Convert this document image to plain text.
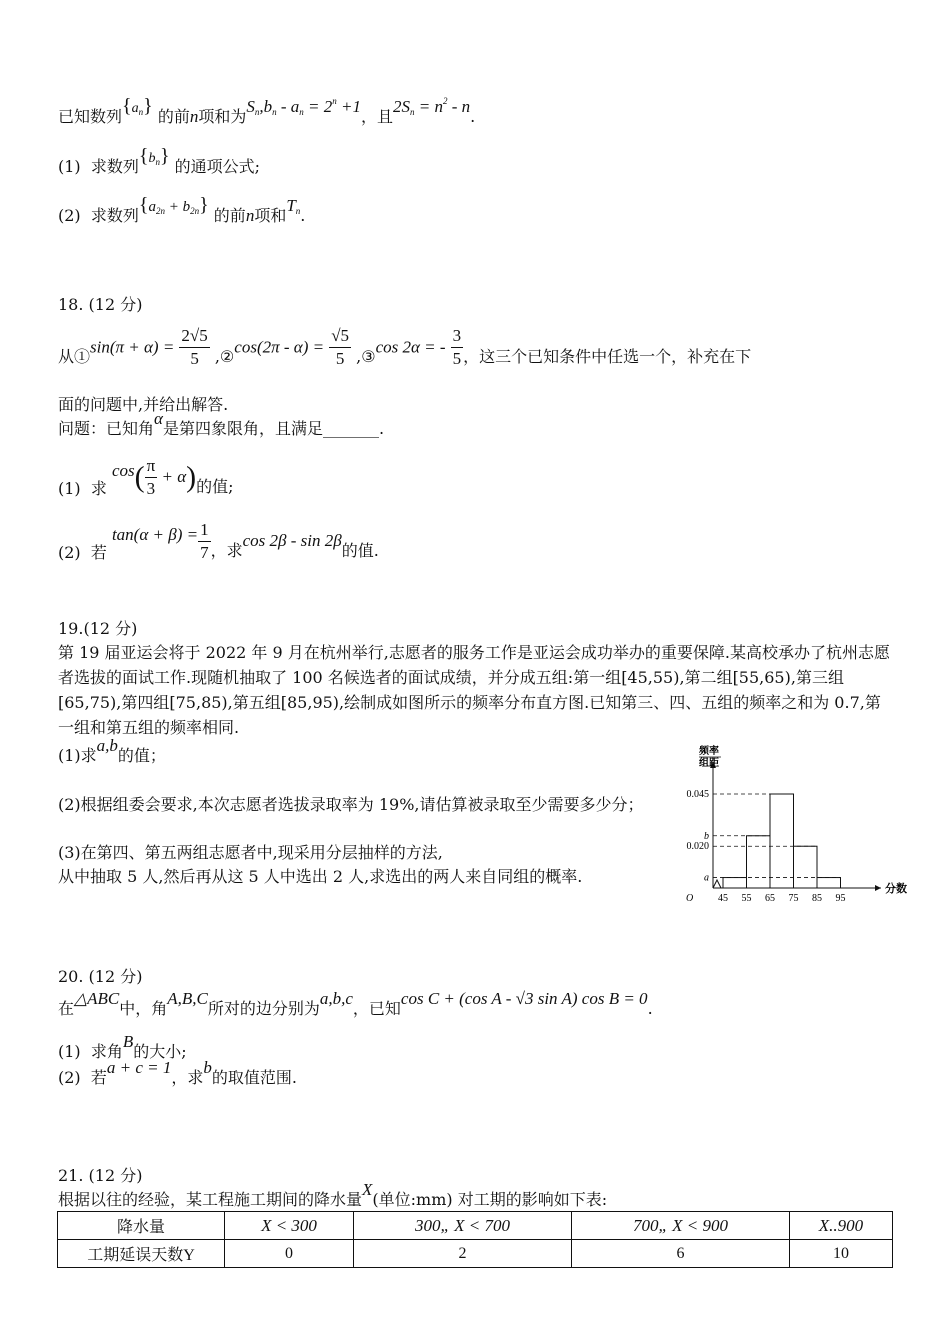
已知数列$\{a_n\}$ 的前n项和为$S_n,b_n - a_n = 2^n +1$，且$2S_n = n^2 - n$.
(1) 求数列$\{b_n\}$ 的通项公式;
(2) 求数列$\{a_{2n} + b_{2n}\}$ 的前n项和$T_n$.
18. (12 分)
从①sin(π + $\alpha) = \frac{2√5}{5}$ ,②cos(2π - $\alpha) = \frac{√5}{5}$ ,③cos 2α = - $\frac{3}{5}$ ，这三个已知条件中任选一个，补充在下
面的问题中,并给出解答.
问题：已知角α是第四象限角，且满足_______.
(1) 求 $\cos( \frac{\pi}{3} + \alpha)$的值;
(2) 若 $\tan(\alpha + \beta) = \frac{1}{7}$ ，求cos 2β - sin 2β的值.
19.(12 分)
第 19 届亚运会将于 2022 年 9 月在杭州举行,志愿者的服务工作是亚运会成功举办的重要保障.某高校承办了杭州志愿者选拔的面试工作.现随机抽取了 100 名候选者的面试成绩，并分成五组:第一组[45,55),第二组[55,65),第三组[65,75),第四组[75,85),第五组[85,95),绘制成如图所示的频率分布直方图.已知第三、四、五组的频率之和为 0.7,第一组和第五组的频率相同.
(1)求a,b的值；
(2)根据组委会要求,本次志愿者选拔录取率为 19%,请估算被录取至少需要多少分；
(3)在第四、第五两组志愿者中,现采用分层抽样的方法,
从中抽取 5 人,然后再从这 5 人中选出 2 人,求选出的两人来自同组的概率.
频率
组距
分数
O 45 55 65 75 85 95
0.045
b
0.020
a
20. (12 分)
在△ABC中，角A,B,C所对的边分别为a,b,c，已知cos C + (cos A - √3 sin A) cos B = 0.
(1) 求角B的大小;
(2) 若a + c = 1，求b的取值范围.
21. (12 分)
根据以往的经验，某工程施工期间的降水量X(单位:mm) 对工期的影响如下表:
降水量	X < 300	300„ X < 700	700„ X < 900	X..900
工期延误天数Y	0	2	6	10
